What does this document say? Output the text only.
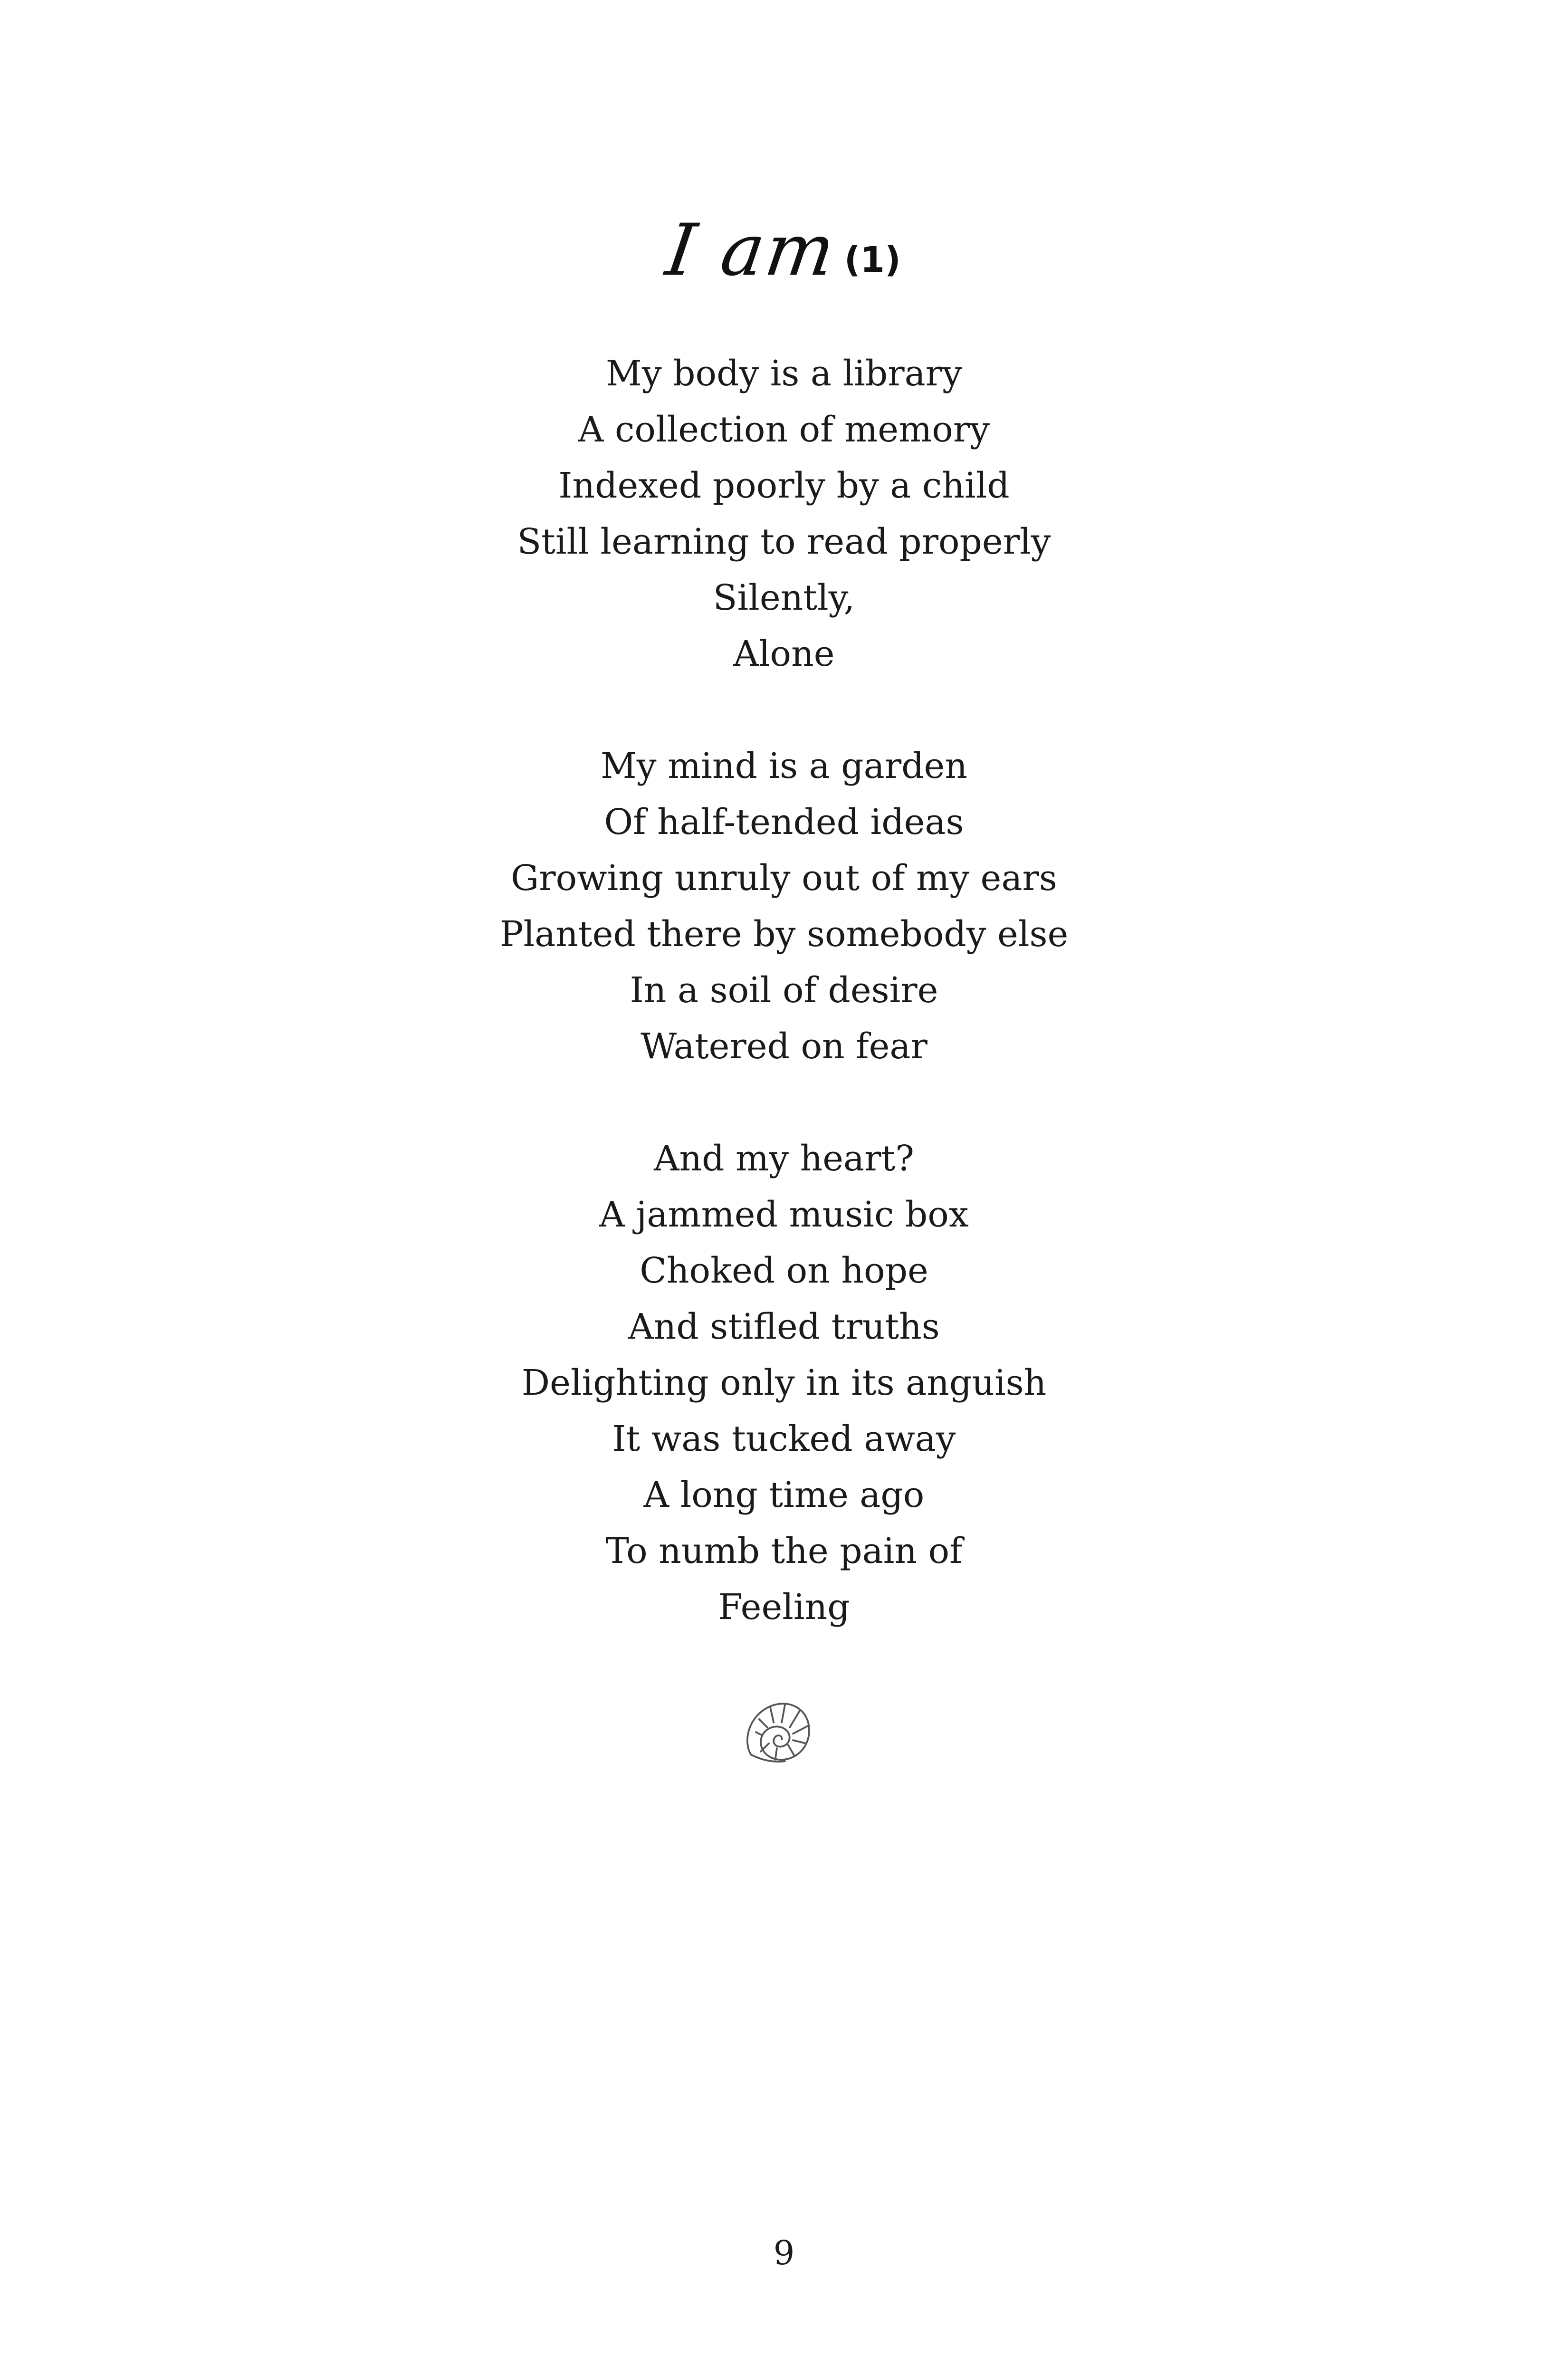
I am(1)
My body is a library
A collection of memory
Indexed poorly by a child
Still learning to read properly
Silently,
Alone
My mind is a garden
Of half-tended ideas
Growing unruly out of my ears
Planted there by somebody else
In a soil of desire
Watered on fear
And my heart?
A jammed music box
Choked on hope
And stifled truths
Delighting only in its anguish
It was tucked away
A long time ago
To numb the pain of
Feeling
9
